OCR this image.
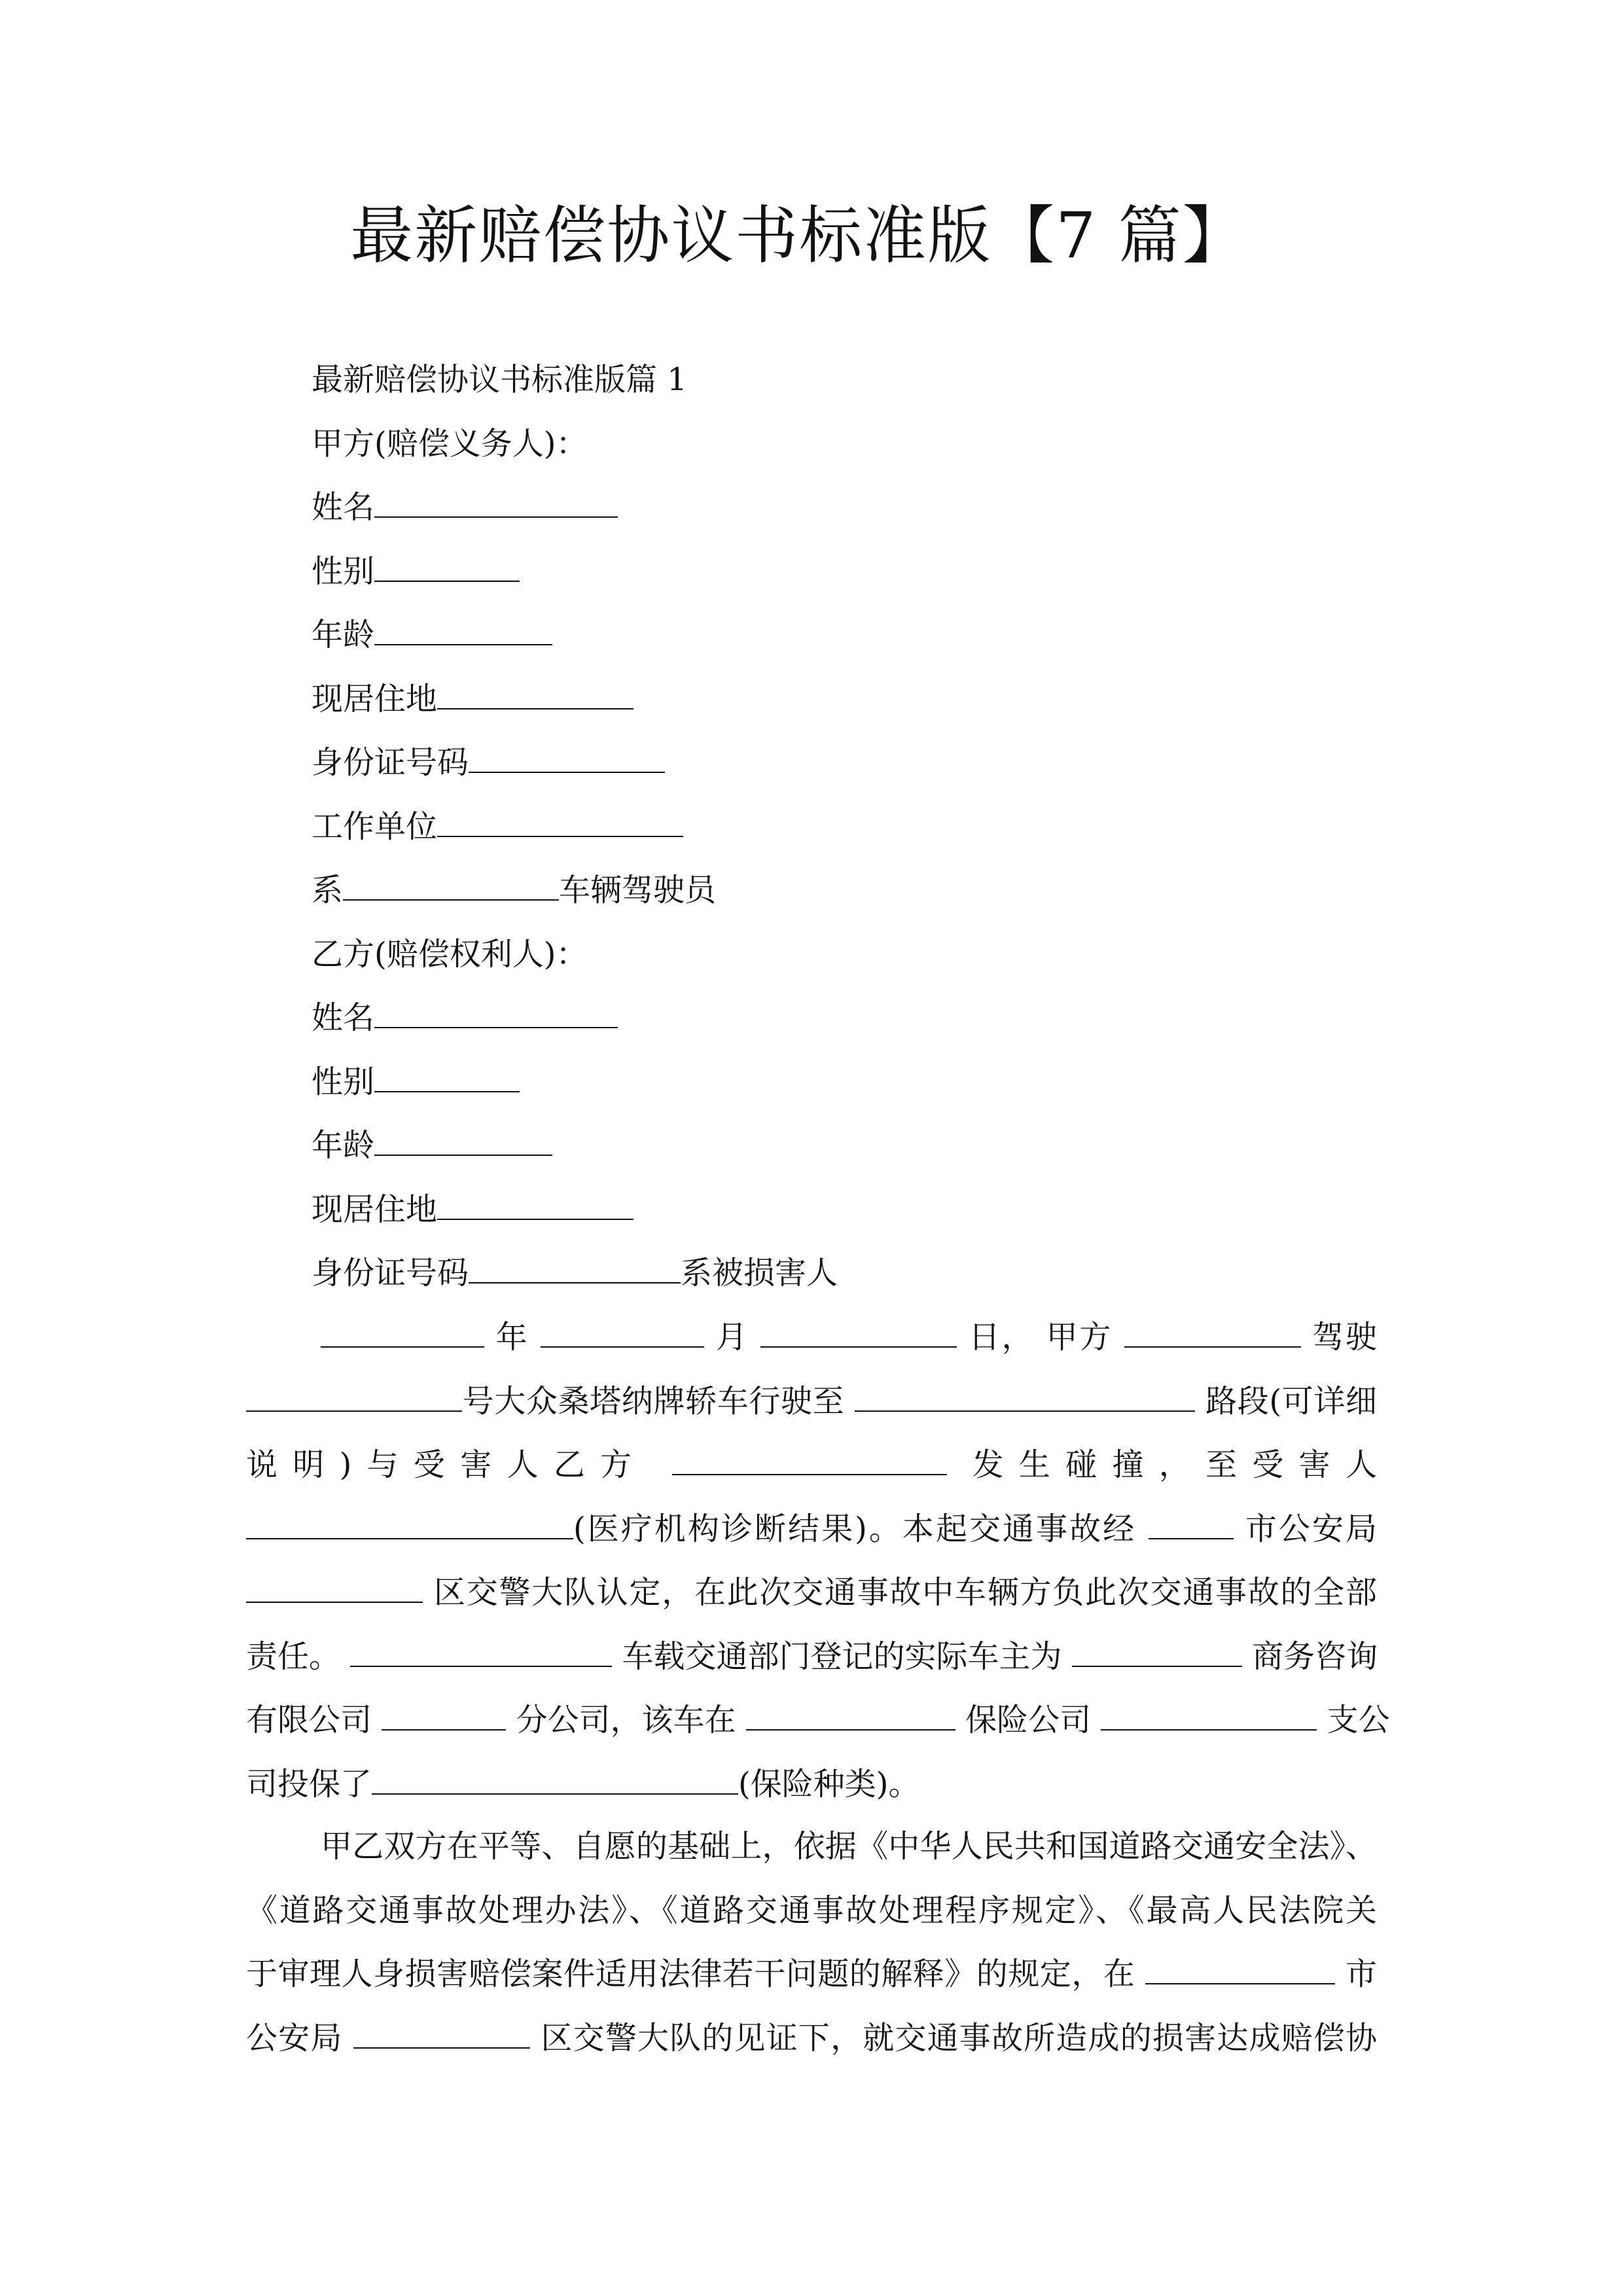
最新赔偿协议书标准版【7 篇】
最新赔偿协议书标准版篇 1
甲方(赔偿义务人)：
姓名
性别
年龄
现居住地
身份证号码
工作单位
系	车辆驾驶员
乙方(赔偿权利人)：
姓名
性别
年龄
现居住地
身份证号码	系被损害人
年	月	日， 甲方	驾驶
号大众桑塔纳牌轿车行驶至	路段(可详细
说明)与受害人乙方	发生碰撞，至受害人
(医疗机构诊断结果)。本起交通事故经	市公安局
区交警大队认定，在此次交通事故中车辆方负此次交通事故的全部
责任。	车载交通部门登记的实际车主为	商务咨询
有限公司	分公司，该车在	保险公司	支公
司投保了	(保险种类)。
甲乙双方在平等、自愿的基础上，依据《中华人民共和国道路交通安全法》、
《道路交通事故处理办法》、《道路交通事故处理程序规定》、《最高人民法院关
于审理人身损害赔偿案件适用法律若干问题的解释》的规定，在	市
公安局	区交警大队的见证下，就交通事故所造成的损害达成赔偿协
